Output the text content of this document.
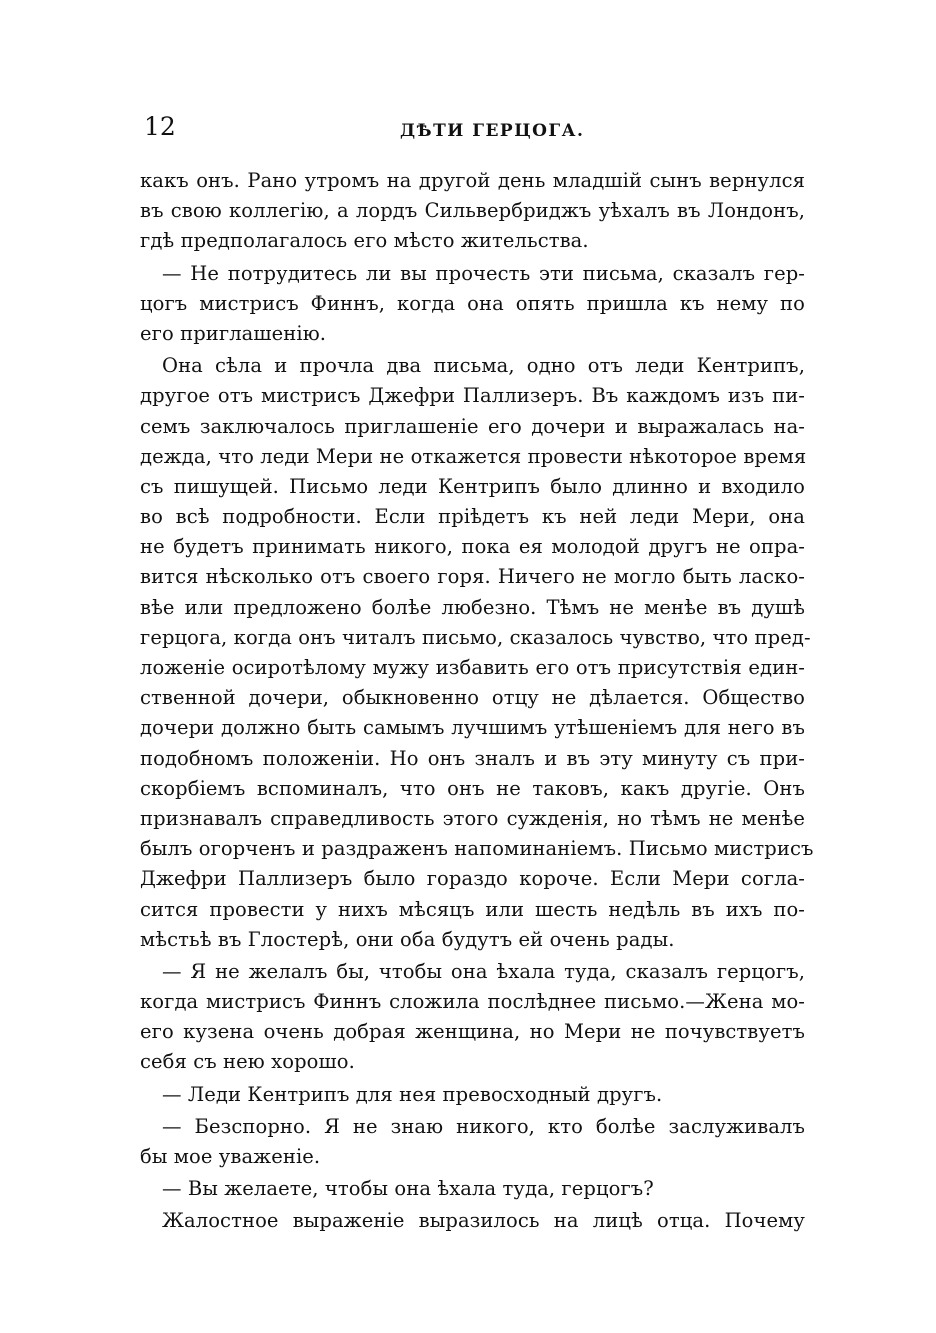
12	ДѢТИ ГЕРЦОГА.
какъ онъ. Рано утромъ на другой день младшій сынъ вернулся
въ свою коллегію, а лордъ Сильвербриджъ уѣхалъ въ Лондонъ,
гдѣ предполагалось его мѣсто жительства.
— Не потрудитесь ли вы прочесть эти письма, сказалъ гер-
цогъ мистрисъ Финнъ, когда она опять пришла къ нему по
его приглашенію.
Она сѣла и прочла два письма, одно отъ леди Кентрипъ,
другое отъ мистрисъ Джефри Паллизеръ. Въ каждомъ изъ пи-
семъ заключалось приглашеніе его дочери и выражалась на-
дежда, что леди Мери не откажется провести нѣкоторое время
съ пишущей. Письмо леди Кентрипъ было длинно и входило
во всѣ подробности. Если пріѣдетъ къ ней леди Мери, она
не будетъ принимать никого, пока ея молодой другъ не опра-
вится нѣсколько отъ своего горя. Ничего не могло быть ласко-
вѣе или предложено болѣе любезно. Тѣмъ не менѣе въ душѣ
герцога, когда онъ читалъ письмо, сказалось чувство, что пред-
ложеніе осиротѣлому мужу избавить его отъ присутствія един-
ственной дочери, обыкновенно отцу не дѣлается. Общество
дочери должно быть самымъ лучшимъ утѣшеніемъ для него въ
подобномъ положеніи. Но онъ зналъ и въ эту минуту съ при-
скорбіемъ вспоминалъ, что онъ не таковъ, какъ другіе. Онъ
признавалъ справедливость этого сужденія, но тѣмъ не менѣе
былъ огорченъ и раздраженъ напоминаніемъ. Письмо мистрисъ
Джефри Паллизеръ было гораздо короче. Если Мери согла-
сится провести у нихъ мѣсяцъ или шесть недѣль въ ихъ по-
мѣстьѣ въ Глостерѣ, они оба будутъ ей очень рады.
— Я не желалъ бы, чтобы она ѣхала туда, сказалъ герцогъ,
когда мистрисъ Финнъ сложила послѣднее письмо.—Жена мо-
его кузена очень добрая женщина, но Мери не почувствуетъ
себя съ нею хорошо.
— Леди Кентрипъ для нея превосходный другъ.
— Безспорно. Я не знаю никого, кто болѣе заслуживалъ
бы мое уваженіе.
— Вы желаете, чтобы она ѣхала туда, герцогъ?
Жалостное выраженіе выразилось на лицѣ отца. Почему
